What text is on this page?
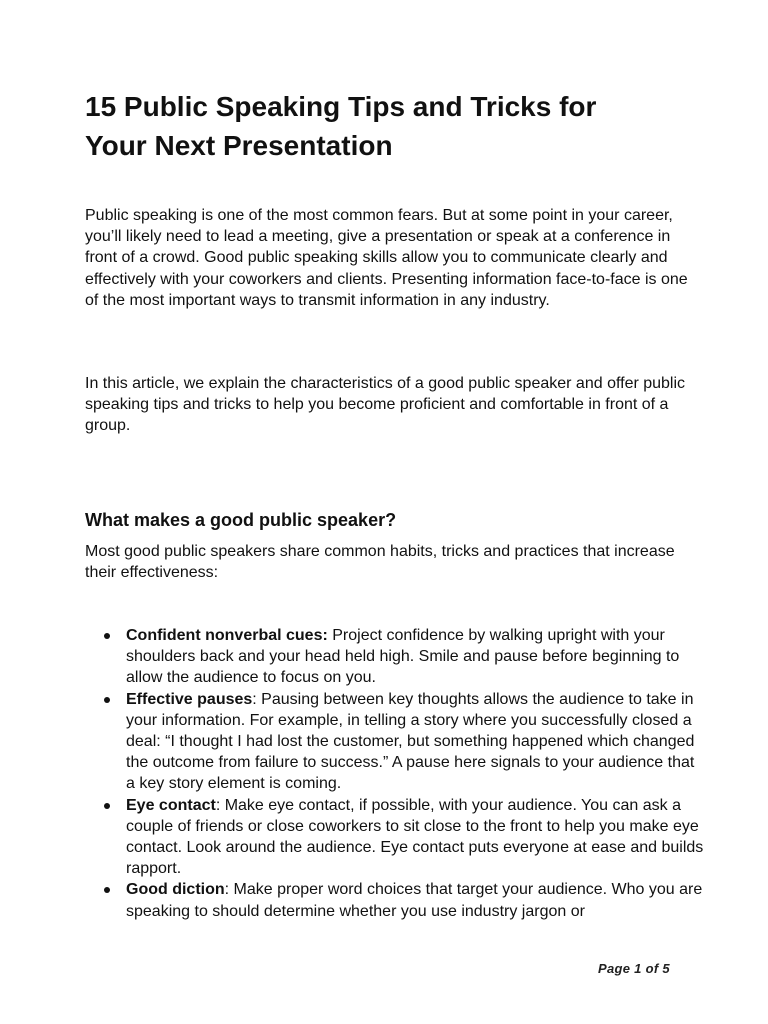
15 Public Speaking Tips and Tricks for
Your Next Presentation

Public speaking is one of the most common fears. But at some point in your career, you’ll likely need to lead a meeting, give a presentation or speak at a conference in front of a crowd. Good public speaking skills allow you to communicate clearly and effectively with your coworkers and clients. Presenting information face-to-face is one of the most important ways to transmit information in any industry.

In this article, we explain the characteristics of a good public speaker and offer public speaking tips and tricks to help you become proficient and comfortable in front of a group.

What makes a good public speaker?

Most good public speakers share common habits, tricks and practices that increase their effectiveness:

Confident nonverbal cues: Project confidence by walking upright with your shoulders back and your head held high. Smile and pause before beginning to allow the audience to focus on you.
Effective pauses: Pausing between key thoughts allows the audience to take in your information. For example, in telling a story where you successfully closed a deal: “I thought I had lost the customer, but something happened which changed the outcome from failure to success.” A pause here signals to your audience that a key story element is coming.
Eye contact: Make eye contact, if possible, with your audience. You can ask a couple of friends or close coworkers to sit close to the front to help you make eye contact. Look around the audience. Eye contact puts everyone at ease and builds rapport.
Good diction: Make proper word choices that target your audience. Who you are speaking to should determine whether you use industry jargon or
Page 1 of 5
